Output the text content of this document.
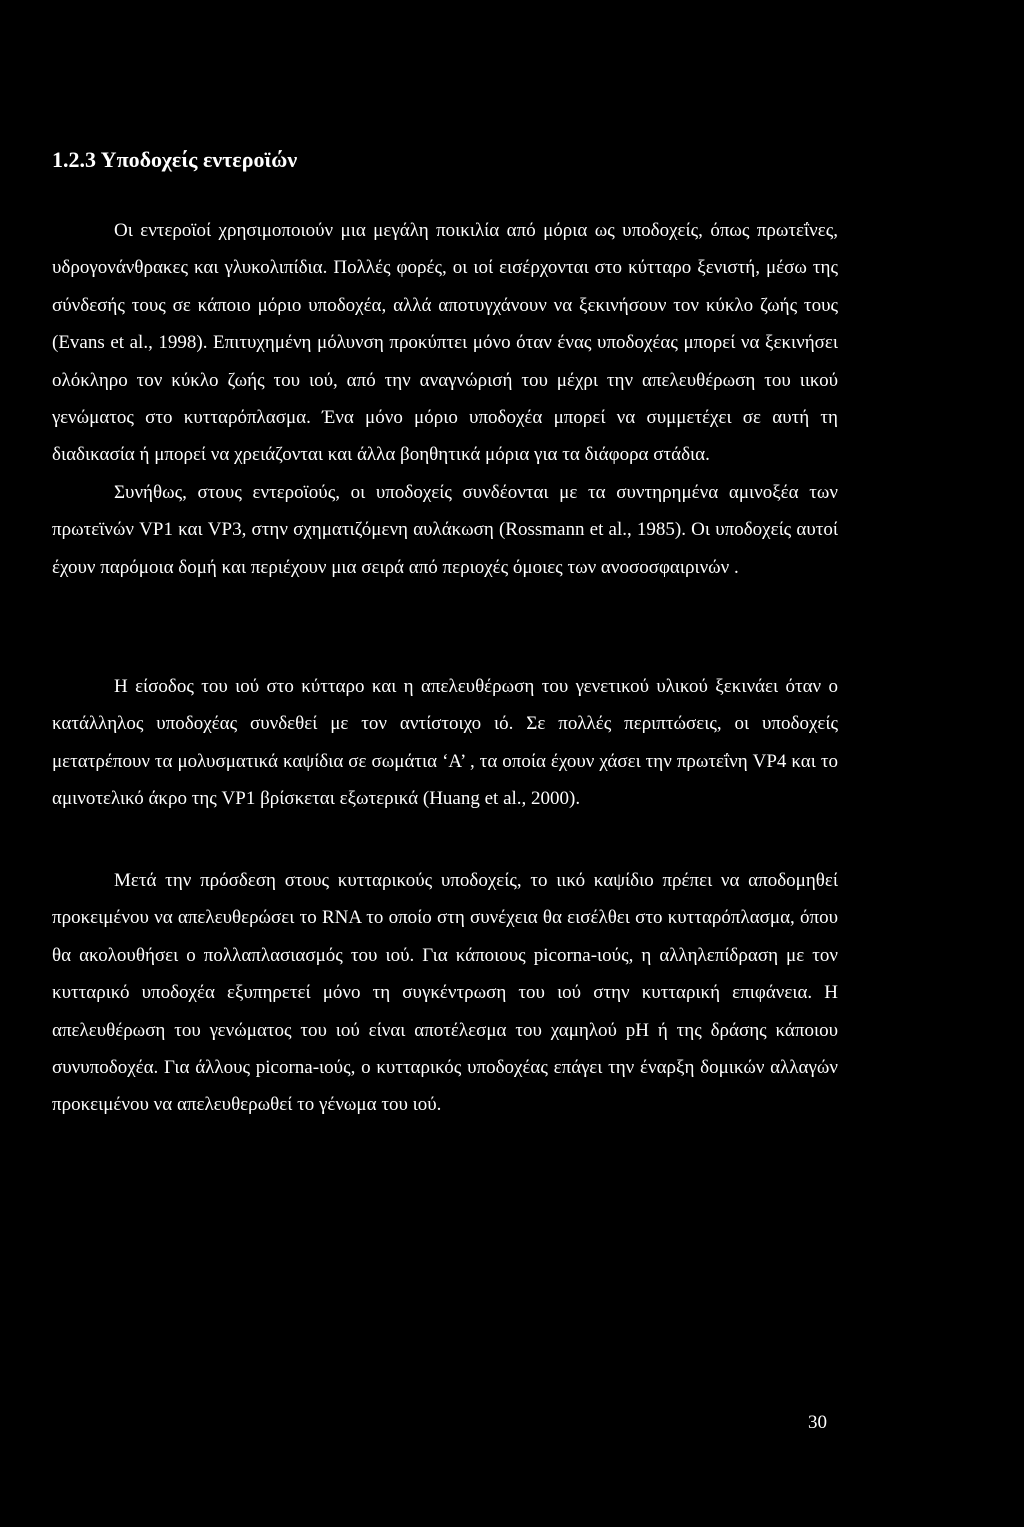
1.2.3 Υποδοχείς εντεροϊών

Οι εντεροϊοί χρησιμοποιούν μια μεγάλη ποικιλία από μόρια ως υποδοχείς, όπως πρωτεΐνες, υδρογονάνθρακες και γλυκολιπίδια. Πολλές φορές, οι ιοί εισέρχονται στο κύτταρο ξενιστή, μέσω της σύνδεσής τους σε κάποιο μόριο υποδοχέα, αλλά αποτυγχάνουν να ξεκινήσουν τον κύκλο ζωής τους (Evans et al., 1998). Επιτυχημένη μόλυνση προκύπτει μόνο όταν ένας υποδοχέας μπορεί να ξεκινήσει ολόκληρο τον κύκλο ζωής του ιού, από την αναγνώρισή του μέχρι την απελευθέρωση του ιικού γενώματος στο κυτταρόπλασμα. Ένα μόνο μόριο υποδοχέα μπορεί να συμμετέχει σε αυτή τη διαδικασία ή μπορεί να χρειάζονται και άλλα βοηθητικά μόρια για τα διάφορα στάδια.

Συνήθως, στους εντεροϊούς, οι υποδοχείς συνδέονται με τα συντηρημένα αμινοξέα των πρωτεϊνών VP1 και VP3, στην σχηματιζόμενη αυλάκωση (Rossmann et al., 1985). Οι υποδοχείς αυτοί έχουν παρόμοια δομή και περιέχουν μια σειρά από περιοχές όμοιες των ανοσοσφαιρινών .

Η είσοδος του ιού στο κύτταρο και η απελευθέρωση του γενετικού υλικού ξεκινάει όταν ο κατάλληλος υποδοχέας συνδεθεί με τον αντίστοιχο ιό. Σε πολλές περιπτώσεις, οι υποδοχείς μετατρέπουν τα μολυσματικά καψίδια σε σωμάτια ‘Α’ , τα οποία έχουν χάσει την πρωτεΐνη VP4 και το αμινοτελικό άκρο της VP1 βρίσκεται εξωτερικά (Huang et al., 2000).

Μετά την πρόσδεση στους κυτταρικούς υποδοχείς, το ιικό καψίδιο πρέπει να αποδομηθεί προκειμένου να απελευθερώσει το RNA το οποίο στη συνέχεια θα εισέλθει στο κυτταρόπλασμα, όπου θα ακολουθήσει ο πολλαπλασιασμός του ιού. Για κάποιους picorna-ιούς, η αλληλεπίδραση με τον κυτταρικό υποδοχέα εξυπηρετεί μόνο τη συγκέντρωση του ιού στην κυτταρική επιφάνεια. Η απελευθέρωση του γενώματος του ιού είναι αποτέλεσμα του χαμηλού pH ή της δράσης κάποιου συνυποδοχέα. Για άλλους picorna-ιούς, ο κυτταρικός υποδοχέας επάγει την έναρξη δομικών αλλαγών προκειμένου να απελευθερωθεί το γένωμα του ιού.

30
